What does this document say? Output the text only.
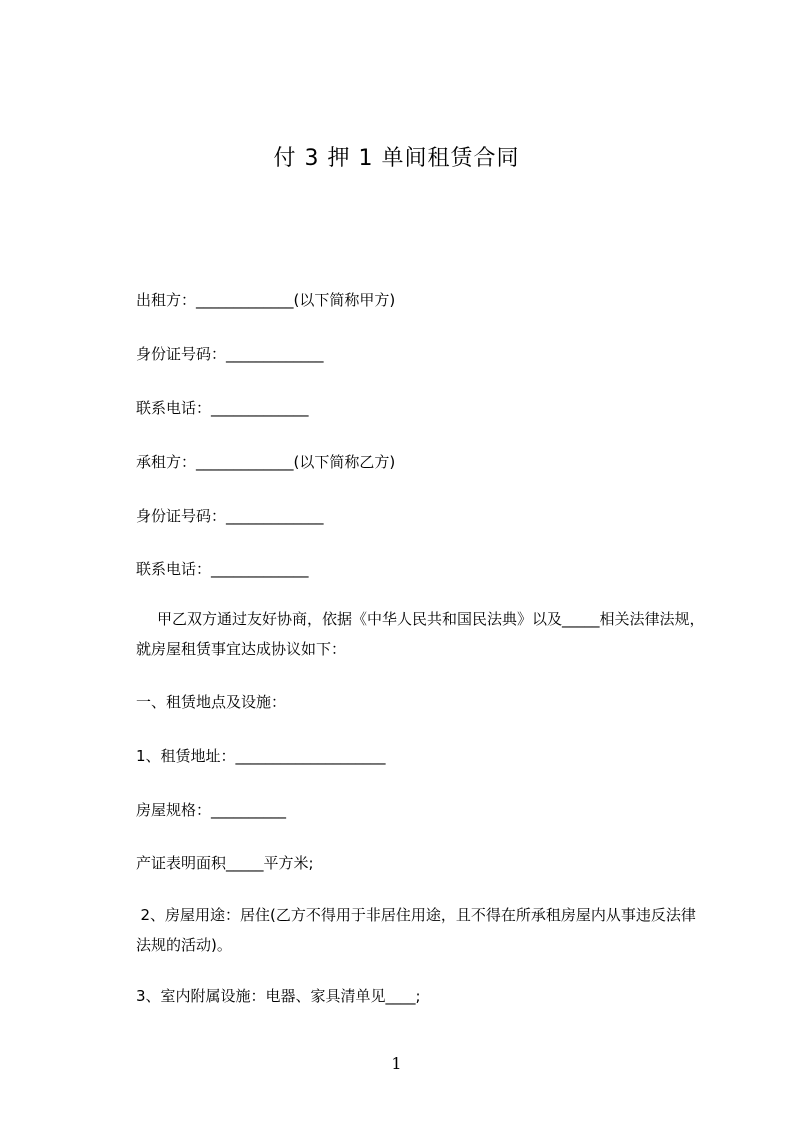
付 3 押 1 单间租赁合同
出租方：_____________(以下简称甲方)
身份证号码：_____________
联系电话：_____________
承租方：_____________(以下简称乙方)
身份证号码：_____________
联系电话：_____________
甲乙双方通过友好协商，依据《中华人民共和国民法典》以及_____相关法律法规，就房屋租赁事宜达成协议如下：
一、租赁地点及设施：
1、租赁地址：____________________
房屋规格：__________
产证表明面积_____平方米;
2、房屋用途：居住(乙方不得用于非居住用途，且不得在所承租房屋内从事违反法律法规的活动)。
3、室内附属设施：电器、家具清单见____;
1
